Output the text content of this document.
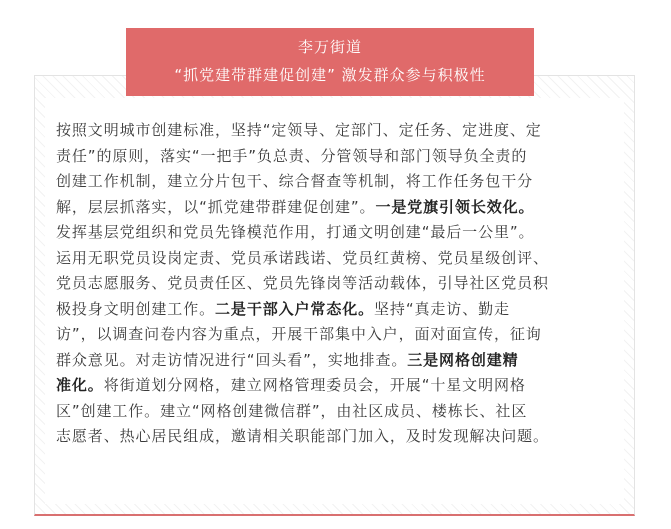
李万街道
“抓党建带群建促创建” 激发群众参与积极性
按照文明城市创建标准，坚持“定领导、定部门、定任务、定进度、定
责任”的原则，落实“一把手”负总责、分管领导和部门领导负全责的
创建工作机制，建立分片包干、综合督查等机制，将工作任务包干分
解，层层抓落实，以“抓党建带群建促创建”。一是党旗引领长效化。
发挥基层党组织和党员先锋模范作用，打通文明创建“最后一公里”。
运用无职党员设岗定责、党员承诺践诺、党员红黄榜、党员星级创评、
党员志愿服务、党员责任区、党员先锋岗等活动载体，引导社区党员积
极投身文明创建工作。二是干部入户常态化。坚持“真走访、勤走
访”，以调查问卷内容为重点，开展干部集中入户，面对面宣传，征询
群众意见。对走访情况进行“回头看”，实地排查。三是网格创建精
准化。将街道划分网格，建立网格管理委员会，开展“十星文明网格
区”创建工作。建立“网格创建微信群”，由社区成员、楼栋长、社区
志愿者、热心居民组成，邀请相关职能部门加入，及时发现解决问题。
